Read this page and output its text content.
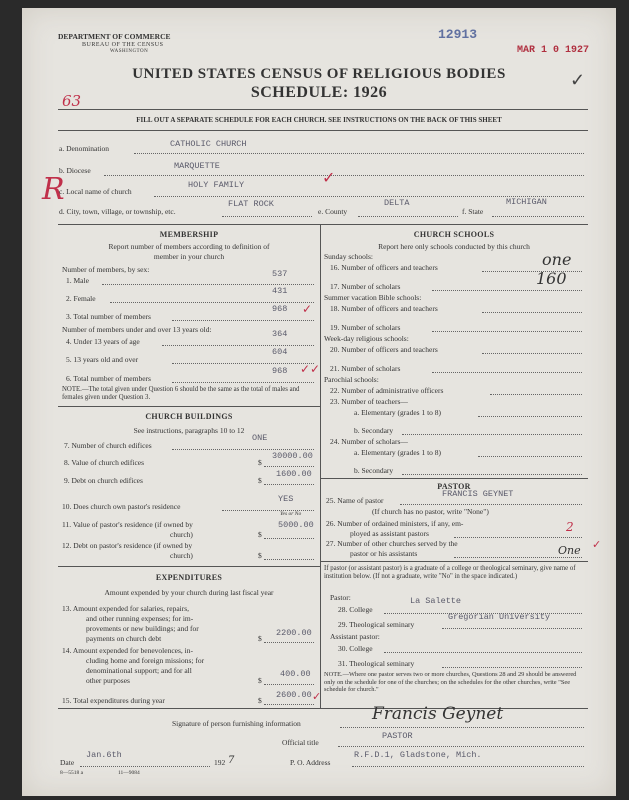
DEPARTMENT OF COMMERCE
BUREAU OF THE CENSUS
WASHINGTON
12913
MAR 1 0 1927
63
UNITED STATES CENSUS OF RELIGIOUS BODIES
SCHEDULE: 1926
FILL OUT A SEPARATE SCHEDULE FOR EACH CHURCH. SEE INSTRUCTIONS ON THE BACK OF THIS SHEET
a. Denomination	CATHOLIC CHURCH
b. Diocese	MARQUETTE
c. Local name of church
HOLY FAMILY
d. City, town, village, or township, etc.
FLAT ROCK
e. County
DELTA
f. State
MICHIGAN
R
MEMBERSHIP
Report number of members according to definition of
member in your church
Number of members, by sex:
1. Male
537
2. Female
431
3. Total number of members
968 ✓
Number of members under and over 13 years old:
4. Under 13 years of age
364
5. 13 years old and over
604
6. Total number of members
968 ✓✓
NOTE.—The total given under Question 6 should be the same as the total of males and females given under Question 3.
CHURCH BUILDINGS
See instructions, paragraphs 10 to 12
7. Number of church edifices
ONE
8. Value of church edifices	$
30000.00
9. Debt on church edifices	$
1600.00
10. Does church own pastor's residence
YES
Yes or No
11. Value of pastor's residence (if owned by
church)	$
5000.00
12. Debt on pastor's residence (if owned by
church)	$
EXPENDITURES
Amount expended by your church during last fiscal year
13. Amount expended for salaries, repairs,
and other running expenses; for im-
provements or new buildings; and for
payments on church debt	$
2200.00
14. Amount expended for benevolences, in-
cluding home and foreign missions; for
denominational support; and for all
other purposes	$
400.00
15. Total expenditures during year	$
2600.00 ✓
CHURCH SCHOOLS
Report here only schools conducted by this church
Sunday schools:
16. Number of officers and teachers	one
17. Number of scholars	160
Summer vacation Bible schools:
18. Number of officers and teachers
19. Number of scholars
Week-day religious schools:
20. Number of officers and teachers
21. Number of scholars
Parochial schools:
22. Number of administrative officers
23. Number of teachers—
a. Elementary (grades 1 to 8)
b. Secondary
24. Number of scholars—
a. Elementary (grades 1 to 8)
b. Secondary
PASTOR
25. Name of pastor
FRANCIS GEYNET
(If church has no pastor, write "None")
26. Number of ordained ministers, if any, em-
ployed as assistant pastors	2
27. Number of other churches served by the
pastor or his assistants	One ✓
If pastor (or assistant pastor) is a graduate of a college or theological seminary, give name of institution below. (If not a graduate, write "No" in the space indicated.)
Pastor:
28. College
La Salette
29. Theological seminary
Gregorian University
Assistant pastor:
30. College
31. Theological seminary
NOTE.—Where one pastor serves two or more churches, Questions 28 and 29 should be answered only on the schedule for one of the churches; on the schedules for the other churches, write "See schedule for church."
Signature of person furnishing information	Francis Geynet
Official title
PASTOR
Date
Jan.6th
192 7	P. O. Address
R.F.D.1, Gladstone, Mich.
8—5518 a	11—9084
✓
✓
